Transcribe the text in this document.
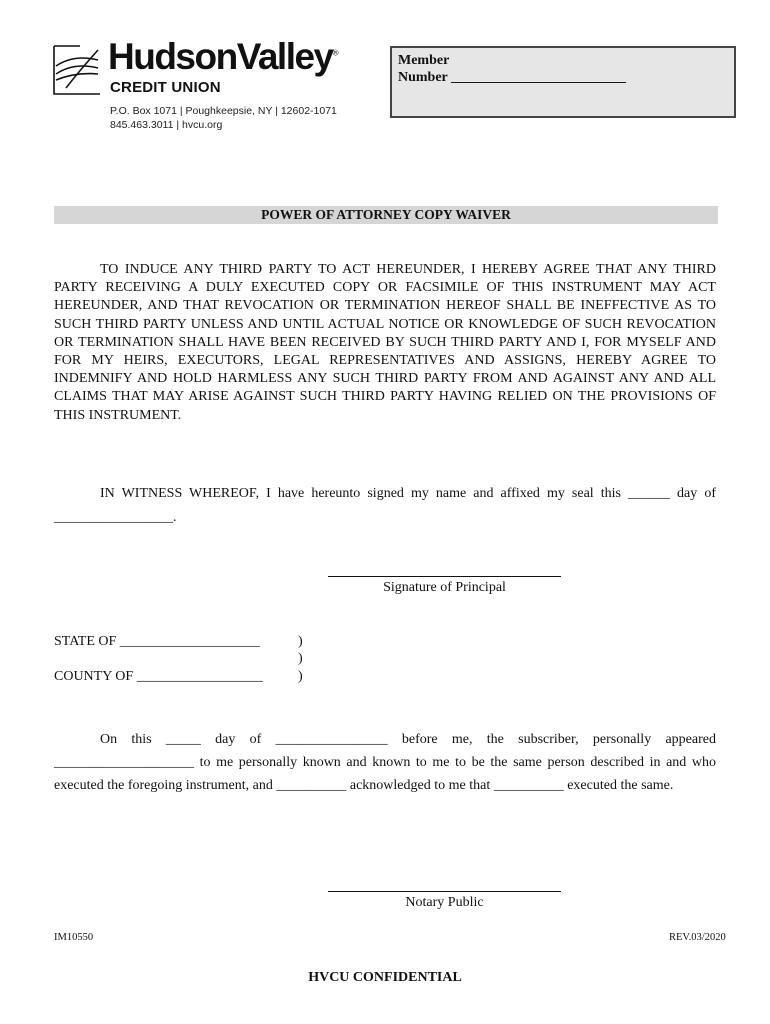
HudsonValley®
CREDIT UNION
P.O. Box 1071 | Poughkeepsie, NY | 12602-1071
845.463.3011 | hvcu.org
Member
Number _________________________
POWER OF ATTORNEY COPY WAIVER
TO INDUCE ANY THIRD PARTY TO ACT HEREUNDER, I HEREBY AGREE THAT ANY THIRD PARTY RECEIVING A DULY EXECUTED COPY OR FACSIMILE OF THIS INSTRUMENT MAY ACT HEREUNDER, AND THAT REVOCATION OR TERMINATION HEREOF SHALL BE INEFFECTIVE AS TO SUCH THIRD PARTY UNLESS AND UNTIL ACTUAL NOTICE OR KNOWLEDGE OF SUCH REVOCATION OR TERMINATION SHALL HAVE BEEN RECEIVED BY SUCH THIRD PARTY AND I, FOR MYSELF AND FOR MY HEIRS, EXECUTORS, LEGAL REPRESENTATIVES AND ASSIGNS, HEREBY AGREE TO INDEMNIFY AND HOLD HARMLESS ANY SUCH THIRD PARTY FROM AND AGAINST ANY AND ALL CLAIMS THAT MAY ARISE AGAINST SUCH THIRD PARTY HAVING RELIED ON THE PROVISIONS OF THIS INSTRUMENT.
IN WITNESS WHEREOF, I have hereunto signed my name and affixed my seal this ______ day of _________________.
Signature of Principal
STATE OF ____________________
COUNTY OF __________________
)
)
)
On this _____ day of ________________ before me, the subscriber, personally appeared ____________________ to me personally known and known to me to be the same person described in and who executed the foregoing instrument, and __________ acknowledged to me that __________ executed the same.
Notary Public
IM10550	REV.03/2020
HVCU CONFIDENTIAL
